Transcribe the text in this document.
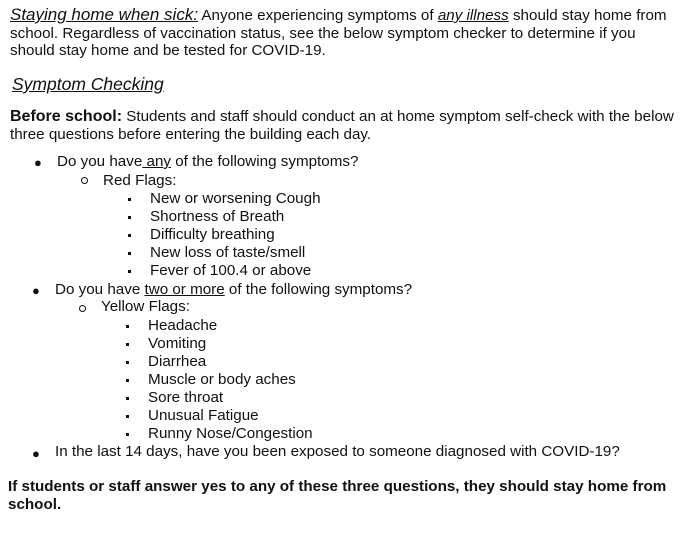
Staying home when sick: Anyone experiencing symptoms of any illness should stay home from school. Regardless of vaccination status, see the below symptom checker to determine if you should stay home and be tested for COVID-19.
Symptom Checking
Before school: Students and staff should conduct an at home symptom self-check with the below three questions before entering the building each day.
● Do you have any of the following symptoms?
Red Flags:
New or worsening Cough
Shortness of Breath
Difficulty breathing
New loss of taste/smell
Fever of 100.4 or above
● Do you have two or more of the following symptoms?
Yellow Flags:
Headache
Vomiting
Diarrhea
Muscle or body aches
Sore throat
Unusual Fatigue
Runny Nose/Congestion
● In the last 14 days, have you been exposed to someone diagnosed with COVID-19?
If students or staff answer yes to any of these three questions, they should stay home from school.
